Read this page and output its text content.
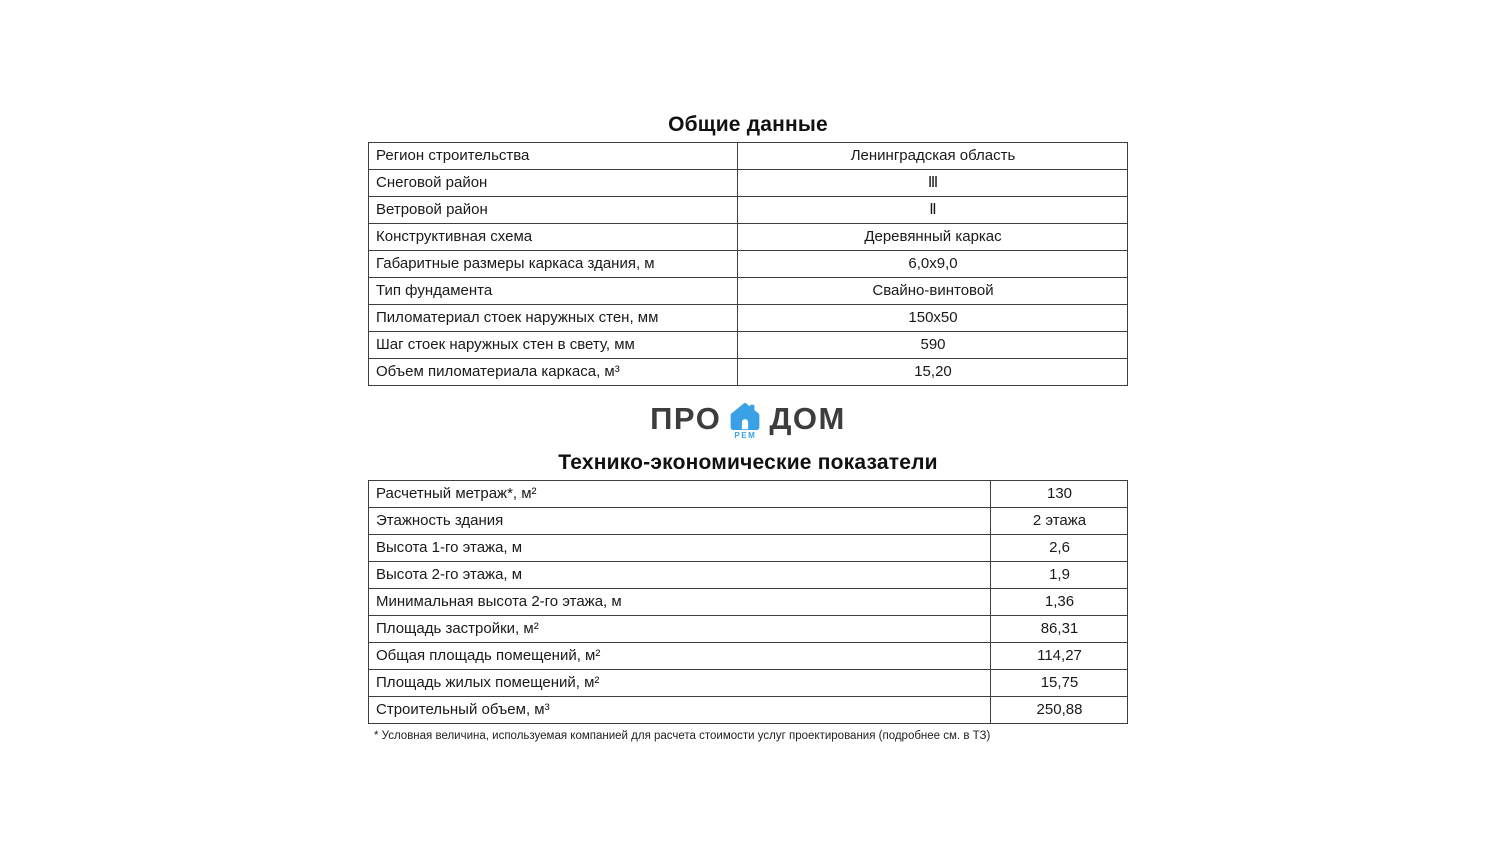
Общие данные
Регион строительства	Ленинградская область
Снеговой район	Ⅲ
Ветровой район	Ⅱ
Конструктивная схема	Деревянный каркас
Габаритные размеры каркаса здания, м	6,0x9,0
Тип фундамента	Свайно-винтовой
Пиломатериал стоек наружных стен, мм	150x50
Шаг стоек наружных стен в свету, мм	590
Объем пиломатериала каркаса, м³	15,20
ПРО РЕМ ДОМ
Технико-экономические показатели
Расчетный метраж*, м²	130
Этажность здания	2 этажа
Высота 1-го этажа, м	2,6
Высота 2-го этажа, м	1,9
Минимальная высота 2-го этажа, м	1,36
Площадь застройки, м²	86,31
Общая площадь помещений, м²	114,27
Площадь жилых помещений, м²	15,75
Строительный объем, м³	250,88
* Условная величина, используемая компанией для расчета стоимости услуг проектирования (подробнее см. в ТЗ)
